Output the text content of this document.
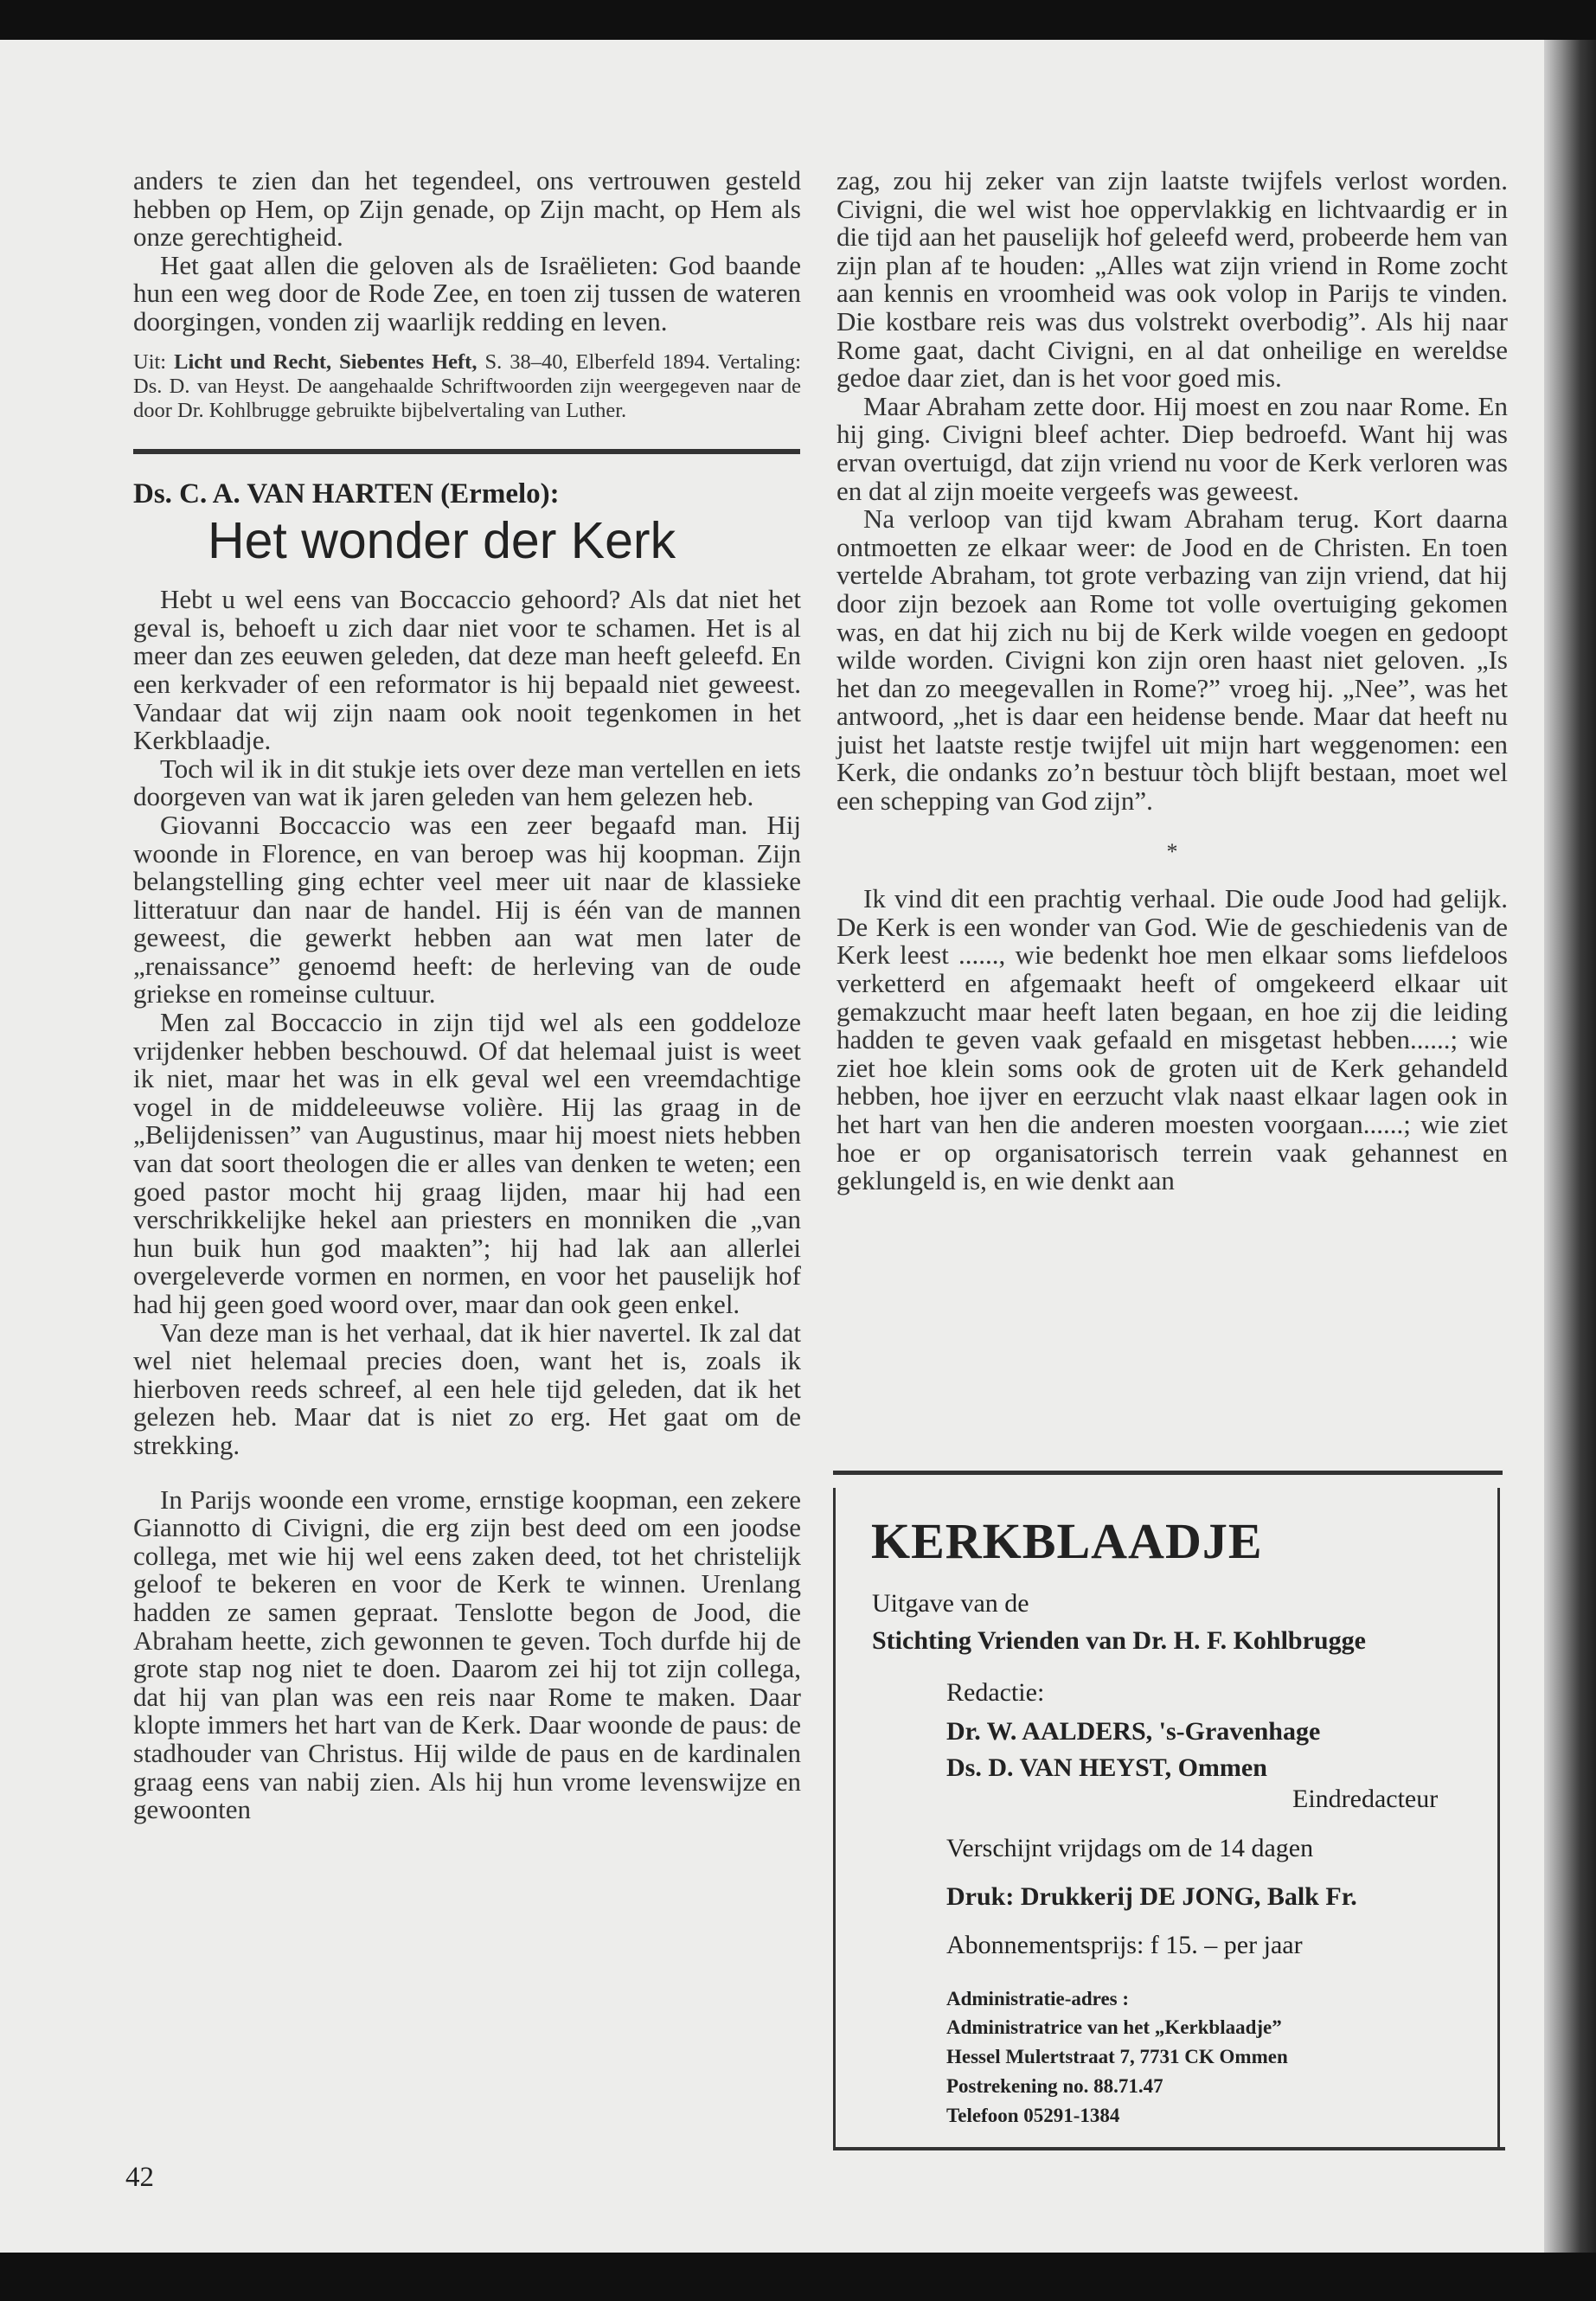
anders te zien dan het tegendeel, ons vertrouwen gesteld hebben op Hem, op Zijn genade, op Zijn macht, op Hem als onze gerechtigheid.

Het gaat allen die geloven als de Israëlieten: God baande hun een weg door de Rode Zee, en toen zij tussen de wateren doorgingen, vonden zij waarlijk redding en leven.

Uit: Licht und Recht, Siebentes Heft, S. 38–40, Elberfeld 1894. Vertaling: Ds. D. van Heyst. De aangehaalde Schriftwoorden zijn weergegeven naar de door Dr. Kohlbrugge gebruikte bijbelvertaling van Luther.

Ds. C. A. VAN HARTEN (Ermelo):

Het wonder der Kerk

Hebt u wel eens van Boccaccio gehoord? Als dat niet het geval is, behoeft u zich daar niet voor te schamen. Het is al meer dan zes eeuwen geleden, dat deze man heeft geleefd. En een kerkvader of een reformator is hij bepaald niet geweest. Vandaar dat wij zijn naam ook nooit tegenkomen in het Kerkblaadje.

Toch wil ik in dit stukje iets over deze man vertellen en iets doorgeven van wat ik jaren geleden van hem gelezen heb.

Giovanni Boccaccio was een zeer begaafd man. Hij woonde in Florence, en van beroep was hij koopman. Zijn belangstelling ging echter veel meer uit naar de klassieke litteratuur dan naar de handel. Hij is één van de mannen geweest, die gewerkt hebben aan wat men later de „renaissance” genoemd heeft: de herleving van de oude griekse en romeinse cultuur.

Men zal Boccaccio in zijn tijd wel als een goddeloze vrijdenker hebben beschouwd. Of dat helemaal juist is weet ik niet, maar het was in elk geval wel een vreemdachtige vogel in de middeleeuwse volière. Hij las graag in de „Belijdenissen” van Augustinus, maar hij moest niets hebben van dat soort theologen die er alles van denken te weten; een goed pastor mocht hij graag lijden, maar hij had een verschrikkelijke hekel aan priesters en monniken die „van hun buik hun god maakten”; hij had lak aan allerlei overgeleverde vormen en normen, en voor het pauselijk hof had hij geen goed woord over, maar dan ook geen enkel.

Van deze man is het verhaal, dat ik hier navertel. Ik zal dat wel niet helemaal precies doen, want het is, zoals ik hierboven reeds schreef, al een hele tijd geleden, dat ik het gelezen heb. Maar dat is niet zo erg. Het gaat om de strekking.

In Parijs woonde een vrome, ernstige koopman, een zekere Giannotto di Civigni, die erg zijn best deed om een joodse collega, met wie hij wel eens zaken deed, tot het christelijk geloof te bekeren en voor de Kerk te winnen. Urenlang hadden ze samen gepraat. Tenslotte begon de Jood, die Abraham heette, zich gewonnen te geven. Toch durfde hij de grote stap nog niet te doen. Daarom zei hij tot zijn collega, dat hij van plan was een reis naar Rome te maken. Daar klopte immers het hart van de Kerk. Daar woonde de paus: de stadhouder van Christus. Hij wilde de paus en de kardinalen graag eens van nabij zien. Als hij hun vrome levenswijze en gewoonten

42

zag, zou hij zeker van zijn laatste twijfels verlost worden. Civigni, die wel wist hoe oppervlakkig en lichtvaardig er in die tijd aan het pauselijk hof geleefd werd, probeerde hem van zijn plan af te houden: „Alles wat zijn vriend in Rome zocht aan kennis en vroomheid was ook volop in Parijs te vinden. Die kostbare reis was dus volstrekt overbodig”. Als hij naar Rome gaat, dacht Civigni, en al dat onheilige en wereldse gedoe daar ziet, dan is het voor goed mis.

Maar Abraham zette door. Hij moest en zou naar Rome. En hij ging. Civigni bleef achter. Diep bedroefd. Want hij was ervan overtuigd, dat zijn vriend nu voor de Kerk verloren was en dat al zijn moeite vergeefs was geweest.

Na verloop van tijd kwam Abraham terug. Kort daarna ontmoetten ze elkaar weer: de Jood en de Christen. En toen vertelde Abraham, tot grote verbazing van zijn vriend, dat hij door zijn bezoek aan Rome tot volle overtuiging gekomen was, en dat hij zich nu bij de Kerk wilde voegen en gedoopt wilde worden. Civigni kon zijn oren haast niet geloven. „Is het dan zo meegevallen in Rome?” vroeg hij. „Nee”, was het antwoord, „het is daar een heidense bende. Maar dat heeft nu juist het laatste restje twijfel uit mijn hart weggenomen: een Kerk, die ondanks zo’n bestuur tòch blijft bestaan, moet wel een schepping van God zijn”.

*

Ik vind dit een prachtig verhaal. Die oude Jood had gelijk. De Kerk is een wonder van God. Wie de geschiedenis van de Kerk leest ......, wie bedenkt hoe men elkaar soms liefdeloos verketterd en afgemaakt heeft of omgekeerd elkaar uit gemakzucht maar heeft laten begaan, en hoe zij die leiding hadden te geven vaak gefaald en misgetast hebben......; wie ziet hoe klein soms ook de groten uit de Kerk gehandeld hebben, hoe ijver en eerzucht vlak naast elkaar lagen ook in het hart van hen die anderen moesten voorgaan......; wie ziet hoe er op organisatorisch terrein vaak gehannest en geklungeld is, en wie denkt aan

KERKBLAADJE

Uitgave van de

Stichting Vrienden van Dr. H. F. Kohlbrugge

Redactie:

Dr. W. AALDERS, 's-Gravenhage

Ds. D. VAN HEYST, Ommen

Eindredacteur

Verschijnt vrijdags om de 14 dagen

Druk: Drukkerij DE JONG, Balk Fr.

Abonnementsprijs: f 15. – per jaar

Administratie-adres :

Administratrice van het „Kerkblaadje”

Hessel Mulertstraat 7, 7731 CK Ommen

Postrekening no. 88.71.47

Telefoon 05291-1384
